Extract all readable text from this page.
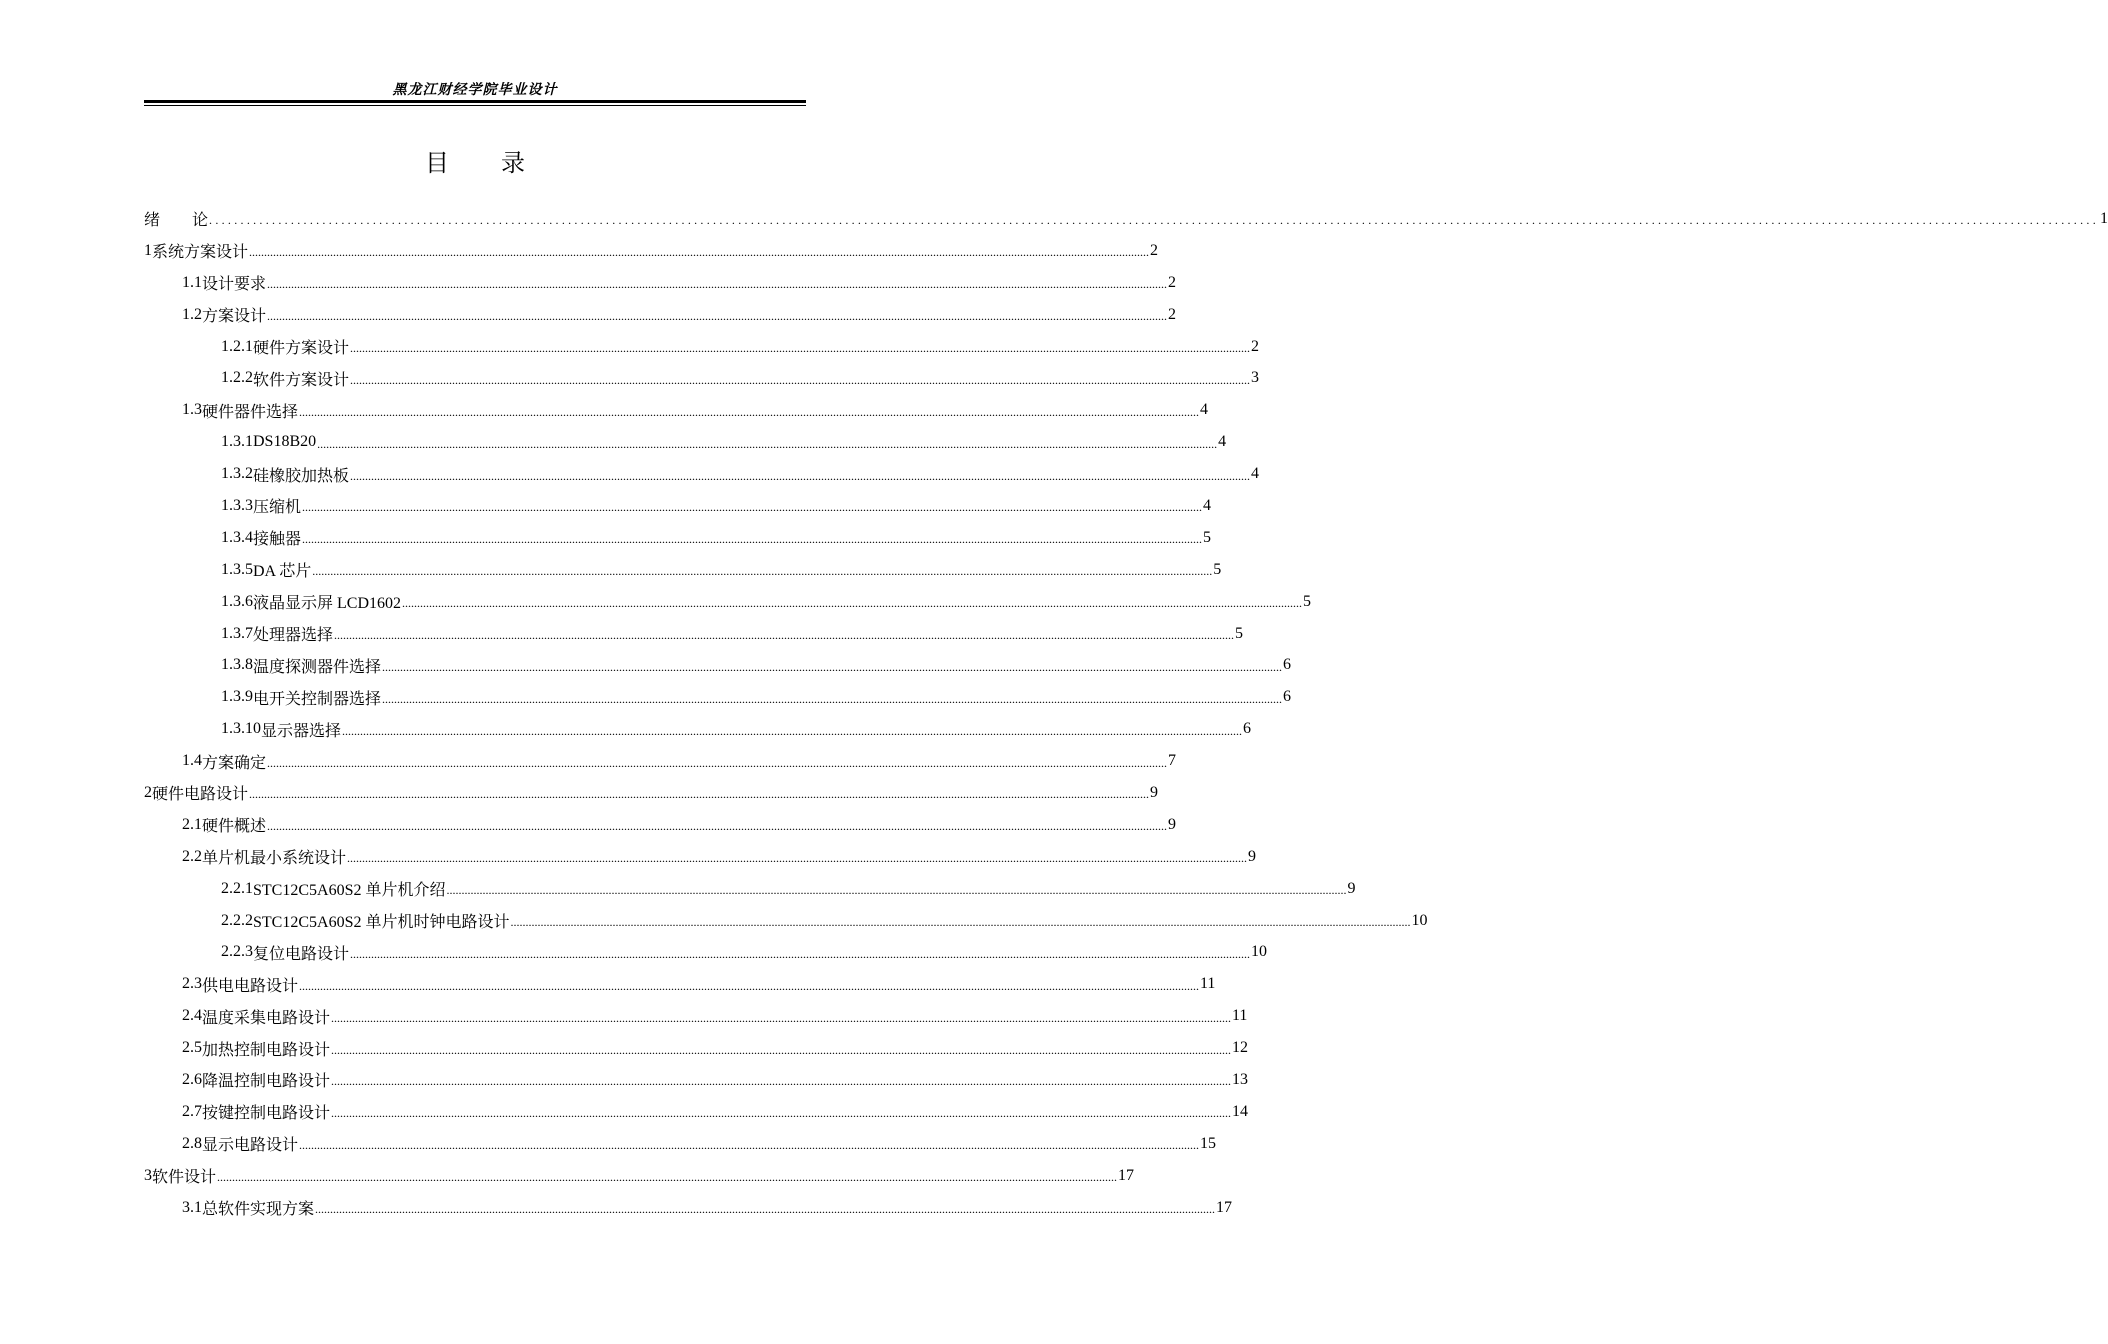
黑龙江财经学院毕业设计
目 录
绪　　论 ............................................................................................................................................................................................................................................................................................................ 1
1 系统方案设计 ............................................................................................................................................................................................................................................................................................................ 2
1.1 设计要求 ............................................................................................................................................................................................................................................................................................................ 2
1.2 方案设计 ............................................................................................................................................................................................................................................................................................................ 2
1.2.1 硬件方案设计 ............................................................................................................................................................................................................................................................................................................ 2
1.2.2 软件方案设计 ............................................................................................................................................................................................................................................................................................................ 3
1.3 硬件器件选择 ............................................................................................................................................................................................................................................................................................................ 4
1.3.1 DS18B20 ............................................................................................................................................................................................................................................................................................................ 4
1.3.2 硅橡胶加热板 ............................................................................................................................................................................................................................................................................................................ 4
1.3.3 压缩机 ............................................................................................................................................................................................................................................................................................................ 4
1.3.4 接触器 ............................................................................................................................................................................................................................................................................................................ 5
1.3.5 DA 芯片 ............................................................................................................................................................................................................................................................................................................ 5
1.3.6 液晶显示屏 LCD1602 ............................................................................................................................................................................................................................................................................................................ 5
1.3.7 处理器选择 ............................................................................................................................................................................................................................................................................................................ 5
1.3.8 温度探测器件选择 ............................................................................................................................................................................................................................................................................................................ 6
1.3.9 电开关控制器选择 ............................................................................................................................................................................................................................................................................................................ 6
1.3.10 显示器选择 ............................................................................................................................................................................................................................................................................................................ 6
1.4 方案确定 ............................................................................................................................................................................................................................................................................................................ 7
2 硬件电路设计 ............................................................................................................................................................................................................................................................................................................ 9
2.1 硬件概述 ............................................................................................................................................................................................................................................................................................................ 9
2.2 单片机最小系统设计 ............................................................................................................................................................................................................................................................................................................ 9
2.2.1 STC12C5A60S2 单片机介绍 ............................................................................................................................................................................................................................................................................................................ 9
2.2.2 STC12C5A60S2 单片机时钟电路设计 ............................................................................................................................................................................................................................................................................................................ 10
2.2.3 复位电路设计 ............................................................................................................................................................................................................................................................................................................ 10
2.3 供电电路设计 ............................................................................................................................................................................................................................................................................................................ 11
2.4 温度采集电路设计 ............................................................................................................................................................................................................................................................................................................ 11
2.5 加热控制电路设计 ............................................................................................................................................................................................................................................................................................................ 12
2.6 降温控制电路设计 ............................................................................................................................................................................................................................................................................................................ 13
2.7 按键控制电路设计 ............................................................................................................................................................................................................................................................................................................ 14
2.8 显示电路设计 ............................................................................................................................................................................................................................................................................................................ 15
3 软件设计 ............................................................................................................................................................................................................................................................................................................ 17
3.1 总软件实现方案 ............................................................................................................................................................................................................................................................................................................ 17
